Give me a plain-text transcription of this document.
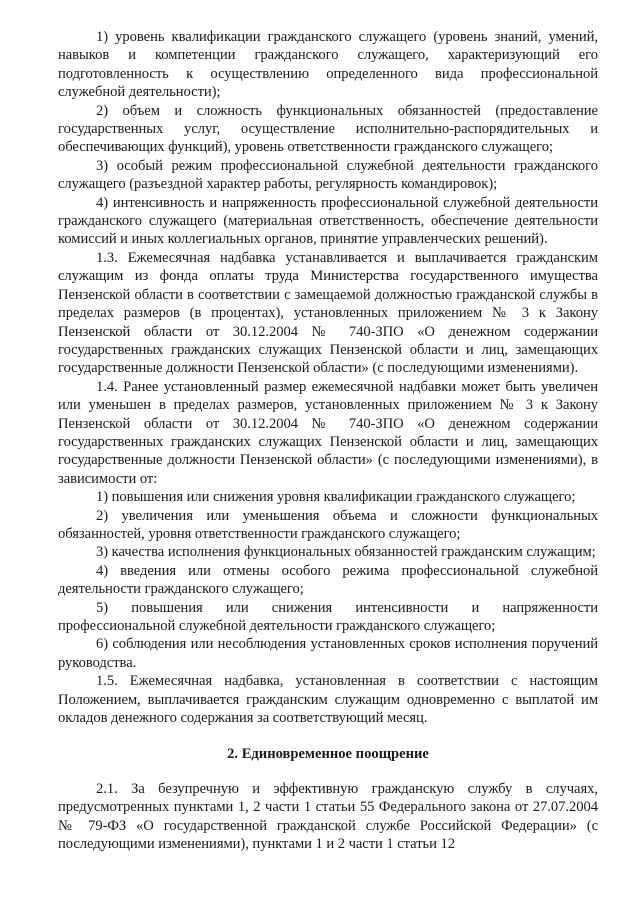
1) уровень квалификации гражданского служащего (уровень знаний, умений, навыков и компетенции гражданского служащего, характеризующий его подготовленность к осуществлению определенного вида профессиональной служебной деятельности);

2) объем и сложность функциональных обязанностей (предоставление государственных услуг, осуществление исполнительно-распорядительных и обеспечивающих функций), уровень ответственности гражданского служащего;

3) особый режим профессиональной служебной деятельности гражданского служащего (разъездной характер работы, регулярность командировок);

4) интенсивность и напряженность профессиональной служебной деятельности гражданского служащего (материальная ответственность, обеспечение деятельности комиссий и иных коллегиальных органов, принятие управленческих решений).

1.3. Ежемесячная надбавка устанавливается и выплачивается гражданским служащим из фонда оплаты труда Министерства государственного имущества Пензенской области в соответствии с замещаемой должностью гражданской службы в пределах размеров (в процентах), установленных приложением № 3 к Закону Пензенской области от 30.12.2004 № 740-ЗПО «О денежном содержании государственных гражданских служащих Пензенской области и лиц, замещающих государственные должности Пензенской области» (с последующими изменениями).

1.4. Ранее установленный размер ежемесячной надбавки может быть увеличен или уменьшен в пределах размеров, установленных приложением № 3 к Закону Пензенской области от 30.12.2004 № 740-ЗПО «О денежном содержании государственных гражданских служащих Пензенской области и лиц, замещающих государственные должности Пензенской области» (с последующими изменениями), в зависимости от:

1) повышения или снижения уровня квалификации гражданского служащего;

2) увеличения или уменьшения объема и сложности функциональных обязанностей, уровня ответственности гражданского служащего;

3) качества исполнения функциональных обязанностей гражданским служащим;

4) введения или отмены особого режима профессиональной служебной деятельности гражданского служащего;

5) повышения или снижения интенсивности и напряженности профессиональной служебной деятельности гражданского служащего;

6) соблюдения или несоблюдения установленных сроков исполнения поручений руководства.

1.5. Ежемесячная надбавка, установленная в соответствии с настоящим Положением, выплачивается гражданским служащим одновременно с выплатой им окладов денежного содержания за соответствующий месяц.

2. Единовременное поощрение

2.1. За безупречную и эффективную гражданскую службу в случаях, предусмотренных пунктами 1, 2 части 1 статьи 55 Федерального закона от 27.07.2004 № 79-ФЗ «О государственной гражданской службе Российской Федерации» (с последующими изменениями), пунктами 1 и 2 части 1 статьи 12
